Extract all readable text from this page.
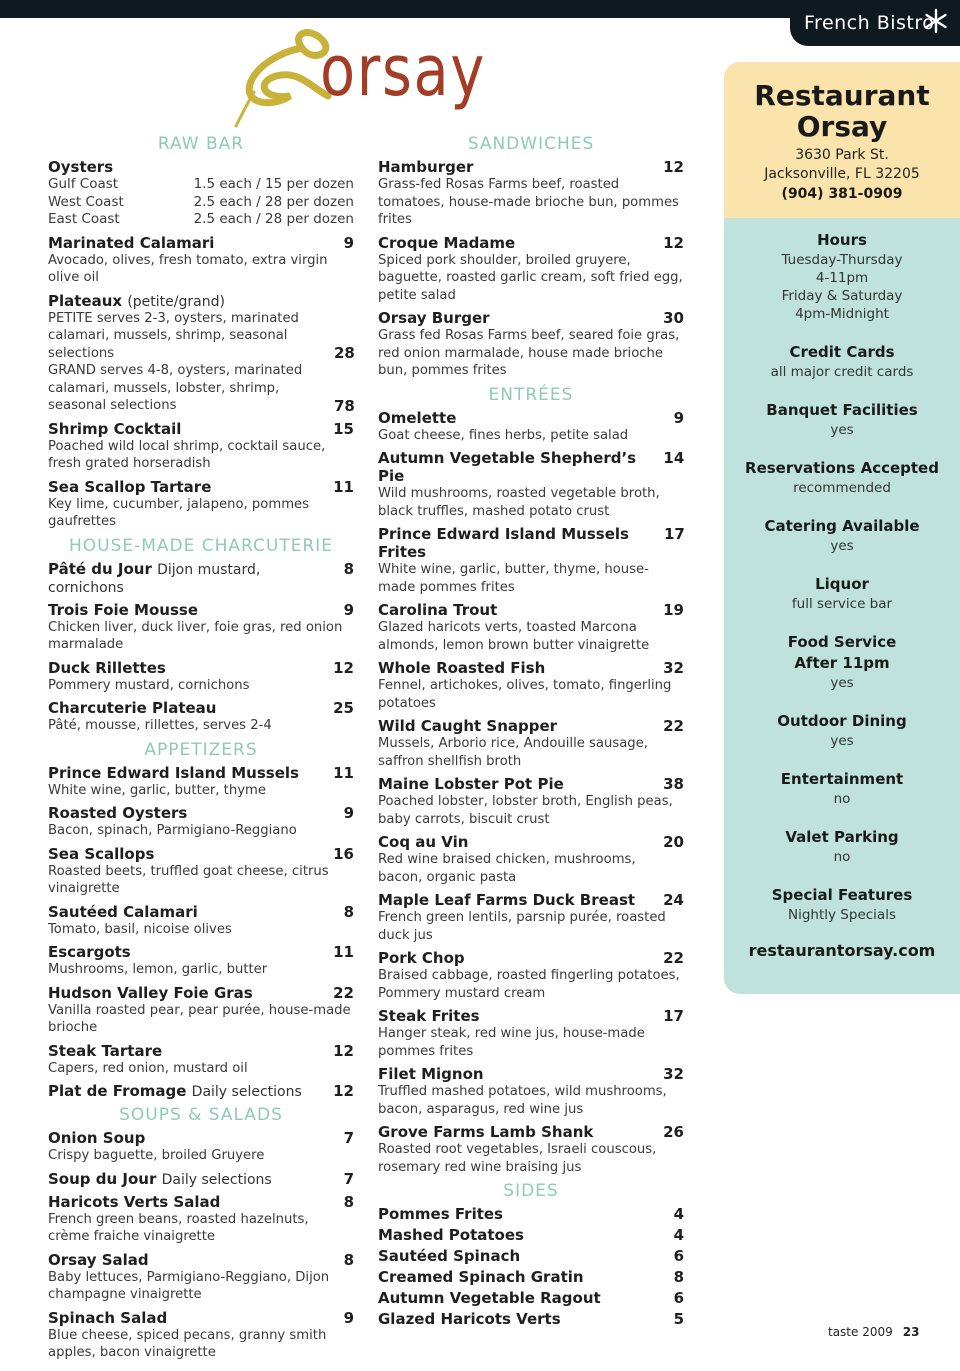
French Bistro
orsay
RAW BAR
Oysters
Gulf Coast	1.5 each / 15 per dozen
West Coast	2.5 each / 28 per dozen
East Coast	2.5 each / 28 per dozen
Marinated Calamari	9
Avocado, olives, fresh tomato, extra virgin olive oil
Plateaux (petite/grand)
PETITE serves 2-3, oysters, marinated calamari, mussels, shrimp, seasonal selections	28
GRAND serves 4-8, oysters, marinated calamari, mussels, lobster, shrimp, seasonal selections	78
Shrimp Cocktail	15
Poached wild local shrimp, cocktail sauce, fresh grated horseradish
Sea Scallop Tartare	11
Key lime, cucumber, jalapeno, pommes gaufrettes
HOUSE-MADE CHARCUTERIE
Pâté du Jour Dijon mustard, cornichons
8
Trois Foie Mousse	9
Chicken liver, duck liver, foie gras, red onion marmalade
Duck Rillettes	12
Pommery mustard, cornichons
Charcuterie Plateau	25
Pâté, mousse, rillettes, serves 2-4
APPETIZERS
Prince Edward Island Mussels 11
White wine, garlic, butter, thyme
Roasted Oysters	9
Bacon, spinach, Parmigiano-Reggiano
Sea Scallops	16
Roasted beets, truffled goat cheese, citrus vinaigrette
Sautéed Calamari	8
Tomato, basil, nicoise olives
Escargots	11
Mushrooms, lemon, garlic, butter
Hudson Valley Foie Gras	22
Vanilla roasted pear, pear purée, house-made brioche
Steak Tartare	12
Capers, red onion, mustard oil
Plat de Fromage Daily selections 12
SOUPS & SALADS
Onion Soup	7
Crispy baguette, broiled Gruyere
Soup du Jour Daily selections	7
Haricots Verts Salad	8
French green beans, roasted hazelnuts, crème fraiche vinaigrette
Orsay Salad	8
Baby lettuces, Parmigiano-Reggiano, Dijon champagne vinaigrette
Spinach Salad	9
Blue cheese, spiced pecans, granny smith apples, bacon vinaigrette
SANDWICHES
Hamburger	12
Grass-fed Rosas Farms beef, roasted tomatoes, house-made brioche bun, pommes frites
Croque Madame	12
Spiced pork shoulder, broiled gruyere, baguette, roasted garlic cream, soft fried egg, petite salad
Orsay Burger	30
Grass fed Rosas Farms beef, seared foie gras, red onion marmalade, house made brioche bun, pommes frites
ENTRÉES
Omelette	9
Goat cheese, fines herbs, petite salad
Autumn Vegetable Shepherd’s Pie
14
Wild mushrooms, roasted vegetable broth, black truffles, mashed potato crust
Prince Edward Island Mussels Frites
17
White wine, garlic, butter, thyme, house-made pommes frites
Carolina Trout	19
Glazed haricots verts, toasted Marcona almonds, lemon brown butter vinaigrette
Whole Roasted Fish	32
Fennel, artichokes, olives, tomato, fingerling potatoes
Wild Caught Snapper	22
Mussels, Arborio rice, Andouille sausage, saffron shellfish broth
Maine Lobster Pot Pie	38
Poached lobster, lobster broth, English peas, baby carrots, biscuit crust
Coq au Vin	20
Red wine braised chicken, mushrooms, bacon, organic pasta
Maple Leaf Farms Duck Breast 24
French green lentils, parsnip purée, roasted duck jus
Pork Chop	22
Braised cabbage, roasted fingerling potatoes, Pommery mustard cream
Steak Frites	17
Hanger steak, red wine jus, house-made pommes frites
Filet Mignon	32
Truffled mashed potatoes, wild mushrooms, bacon, asparagus, red wine jus
Grove Farms Lamb Shank	26
Roasted root vegetables, Israeli couscous, rosemary red wine braising jus
SIDES
Pommes Frites	4
Mashed Potatoes	4
Sautéed Spinach	6
Creamed Spinach Gratin	8
Autumn Vegetable Ragout	6
Glazed Haricots Verts	5
Restaurant
Orsay
3630 Park St.
Jacksonville, FL 32205
(904) 381-0909
Hours
Tuesday-Thursday
4-11pm
Friday & Saturday
4pm-Midnight
Credit Cards
all major credit cards
Banquet Facilities
yes
Reservations Accepted
recommended
Catering Available
yes
Liquor
full service bar
Food Service
After 11pm
yes
Outdoor Dining
yes
Entertainment
no
Valet Parking
no
Special Features
Nightly Specials
restaurantorsay.com
taste 2009 23
